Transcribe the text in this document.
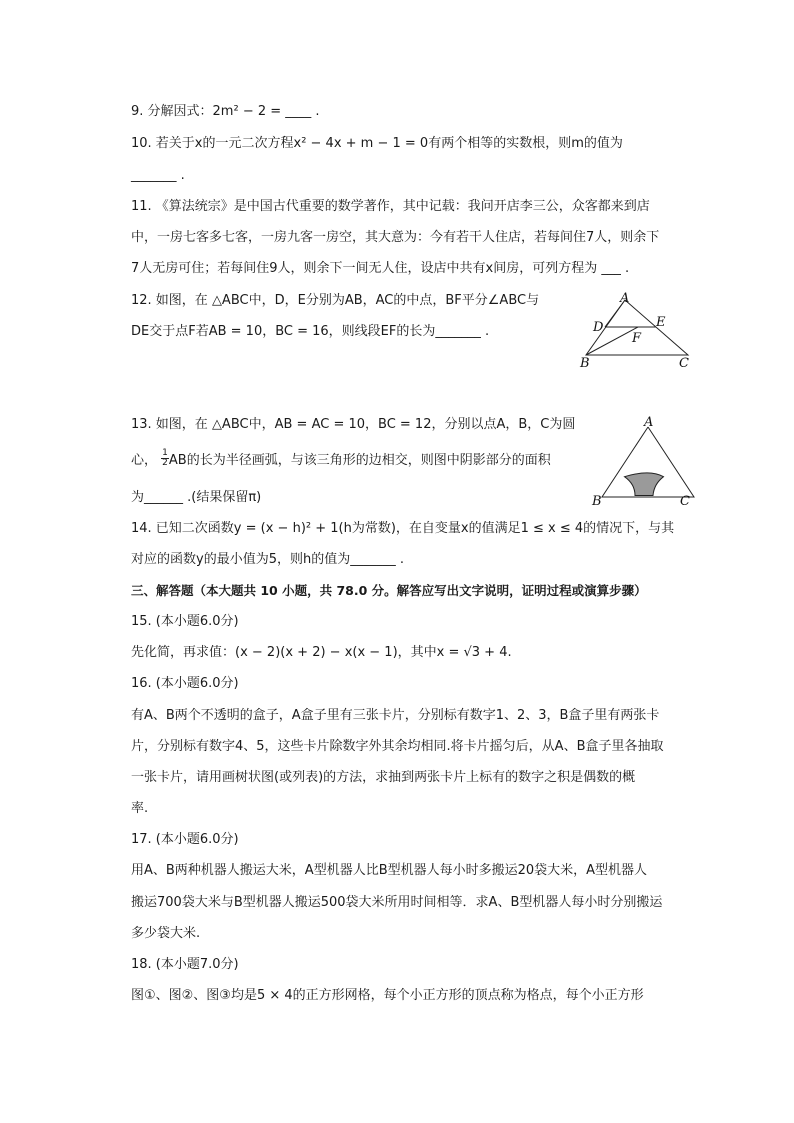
9. 分解因式：2m² − 2 = ____ .
10. 若关于x的一元二次方程x² − 4x + m − 1 = 0有两个相等的实数根，则m的值为
_______ .
11. 《算法统宗》是中国古代重要的数学著作，其中记载：我问开店李三公，众客都来到店
中，一房七客多七客，一房九客一房空，其大意为：今有若干人住店，若每间住7人，则余下
7人无房可住；若每间住9人，则余下一间无人住，设店中共有x间房，可列方程为 ___ .
12. 如图，在 △ABC中，D，E分别为AB，AC的中点，BF平分∠ABC与
DE交于点F若AB = 10，BC = 16，则线段EF的长为_______ .
A
D	E
F
B	C
13. 如图，在 △ABC中，AB = AC = 10，BC = 12，分别以点A，B，C为圆
心， $\frac{1}{2}$ AB的长为半径画弧，与该三角形的边相交，则图中阴影部分的面积
为______ .(结果保留π)
A
B	C
14. 已知二次函数y = (x − h)² + 1(h为常数)，在自变量x的值满足1 ≤ x ≤ 4的情况下，与其
对应的函数y的最小值为5，则h的值为_______ .
三、解答题（本大题共 10 小题，共 78.0 分。解答应写出文字说明，证明过程或演算步骤）
15. (本小题6.0分)
先化简，再求值：(x − 2)(x + 2) − x(x − 1)，其中x = √3 + 4.
16. (本小题6.0分)
有A、B两个不透明的盒子，A盒子里有三张卡片，分别标有数字1、2、3，B盒子里有两张卡
片，分别标有数字4、5，这些卡片除数字外其余均相同.将卡片摇匀后，从A、B盒子里各抽取
一张卡片，请用画树状图(或列表)的方法，求抽到两张卡片上标有的数字之积是偶数的概
率.
17. (本小题6.0分)
用A、B两种机器人搬运大米，A型机器人比B型机器人每小时多搬运20袋大米，A型机器人
搬运700袋大米与B型机器人搬运500袋大米所用时间相等．求A、B型机器人每小时分别搬运
多少袋大米.
18. (本小题7.0分)
图①、图②、图③均是5 × 4的正方形网格，每个小正方形的顶点称为格点，每个小正方形
